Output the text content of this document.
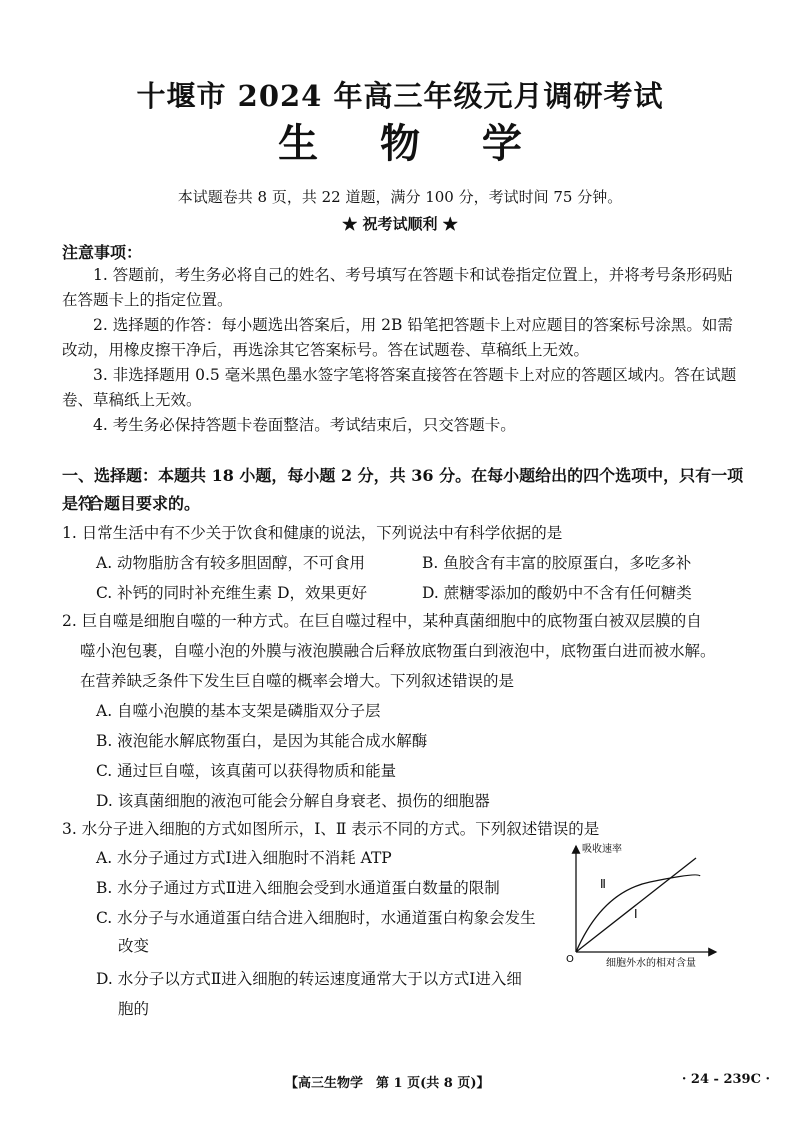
十堰市 2024 年高三年级元月调研考试
生 物 学
本试题卷共 8 页，共 22 道题，满分 100 分，考试时间 75 分钟。
★ 祝考试顺利 ★
注意事项：
1. 答题前，考生务必将自己的姓名、考号填写在答题卡和试卷指定位置上，并将考号条形码贴在答题卡上的指定位置。
2. 选择题的作答：每小题选出答案后，用 2B 铅笔把答题卡上对应题目的答案标号涂黑。如需改动，用橡皮擦干净后，再选涂其它答案标号。答在试题卷、草稿纸上无效。
3. 非选择题用 0.5 毫米黑色墨水签字笔将答案直接答在答题卡上对应的答题区域内。答在试题卷、草稿纸上无效。
4. 考生务必保持答题卡卷面整洁。考试结束后，只交答题卡。
一、选择题：本题共 18 小题，每小题 2 分，共 36 分。在每小题给出的四个选项中，只有一项是符
合题目要求的。
1. 日常生活中有不少关于饮食和健康的说法，下列说法中有科学依据的是
A. 动物脂肪含有较多胆固醇，不可食用	B. 鱼胶含有丰富的胶原蛋白，多吃多补
C. 补钙的同时补充维生素 D，效果更好	D. 蔗糖零添加的酸奶中不含有任何糖类
2. 巨自噬是细胞自噬的一种方式。在巨自噬过程中，某种真菌细胞中的底物蛋白被双层膜的自
噬小泡包裹，自噬小泡的外膜与液泡膜融合后释放底物蛋白到液泡中，底物蛋白进而被水解。
在营养缺乏条件下发生巨自噬的概率会增大。下列叙述错误的是
A. 自噬小泡膜的基本支架是磷脂双分子层
B. 液泡能水解底物蛋白，是因为其能合成水解酶
C. 通过巨自噬，该真菌可以获得物质和能量
D. 该真菌细胞的液泡可能会分解自身衰老、损伤的细胞器
3. 水分子进入细胞的方式如图所示，Ⅰ、Ⅱ 表示不同的方式。下列叙述错误的是
A. 水分子通过方式Ⅰ进入细胞时不消耗 ATP
B. 水分子通过方式Ⅱ进入细胞会受到水通道蛋白数量的限制
C. 水分子与水通道蛋白结合进入细胞时，水通道蛋白构象会发生
改变
D. 水分子以方式Ⅱ进入细胞的转运速度通常大于以方式Ⅰ进入细
胞的
吸收速率
O	细胞外水的相对含量
Ⅰ
Ⅱ
【高三生物学　第 1 页(共 8 页)】	· 24 - 239C ·
